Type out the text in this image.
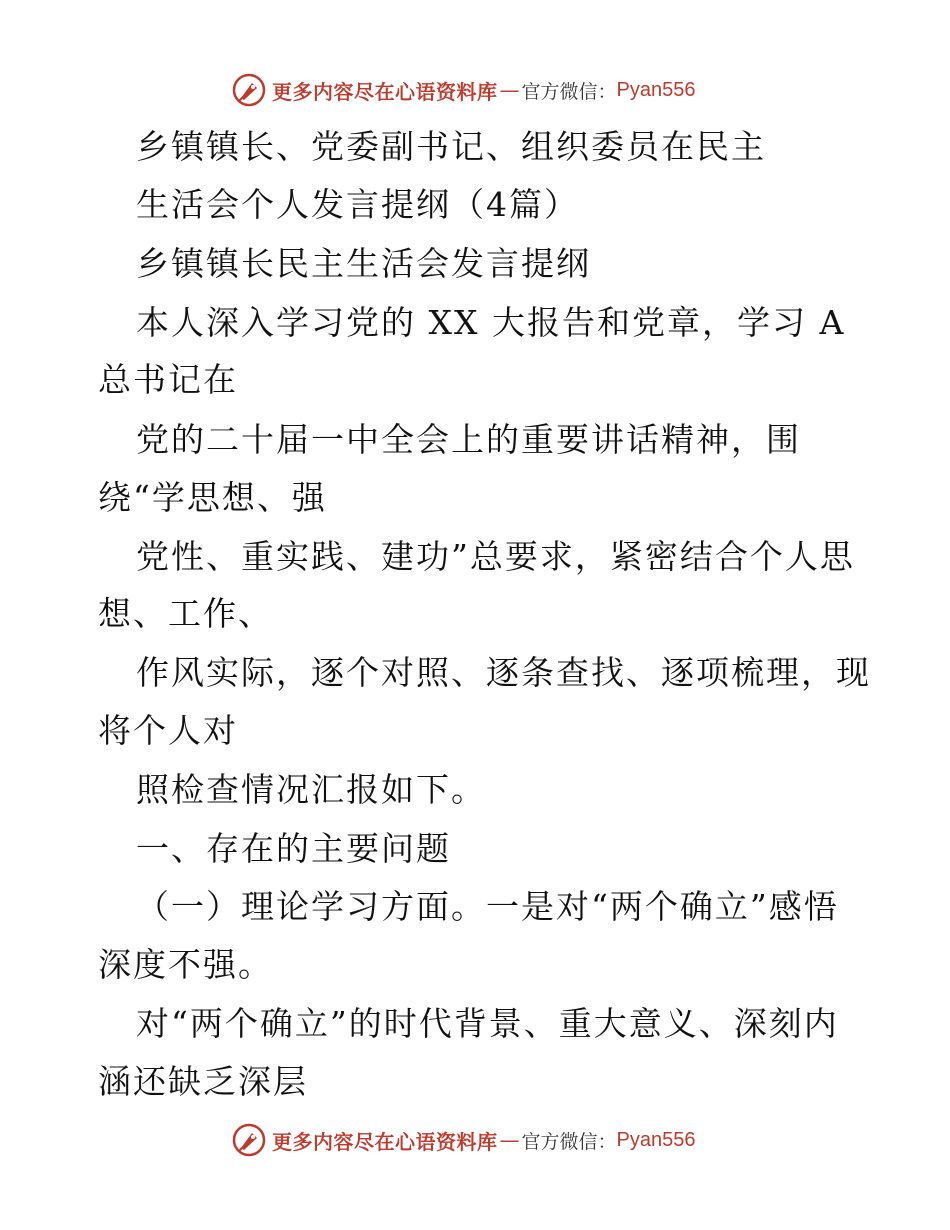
更多内容尽在心语资料库 — 官方微信： Pyan556
乡镇镇长、党委副书记、组织委员在民主
生活会个人发言提纲（4篇）
乡镇镇长民主生活会发言提纲
本人深入学习党的 XX 大报告和党章，学习 A
总书记在
党的二十届一中全会上的重要讲话精神，围
绕“学思想、强
党性、重实践、建功”总要求，紧密结合个人思
想、工作、
作风实际，逐个对照、逐条查找、逐项梳理，现
将个人对
照检查情况汇报如下。
一、存在的主要问题
（一）理论学习方面。一是对“两个确立”感悟
深度不强。
对“两个确立”的时代背景、重大意义、深刻内
涵还缺乏深层
更多内容尽在心语资料库 — 官方微信： Pyan556
